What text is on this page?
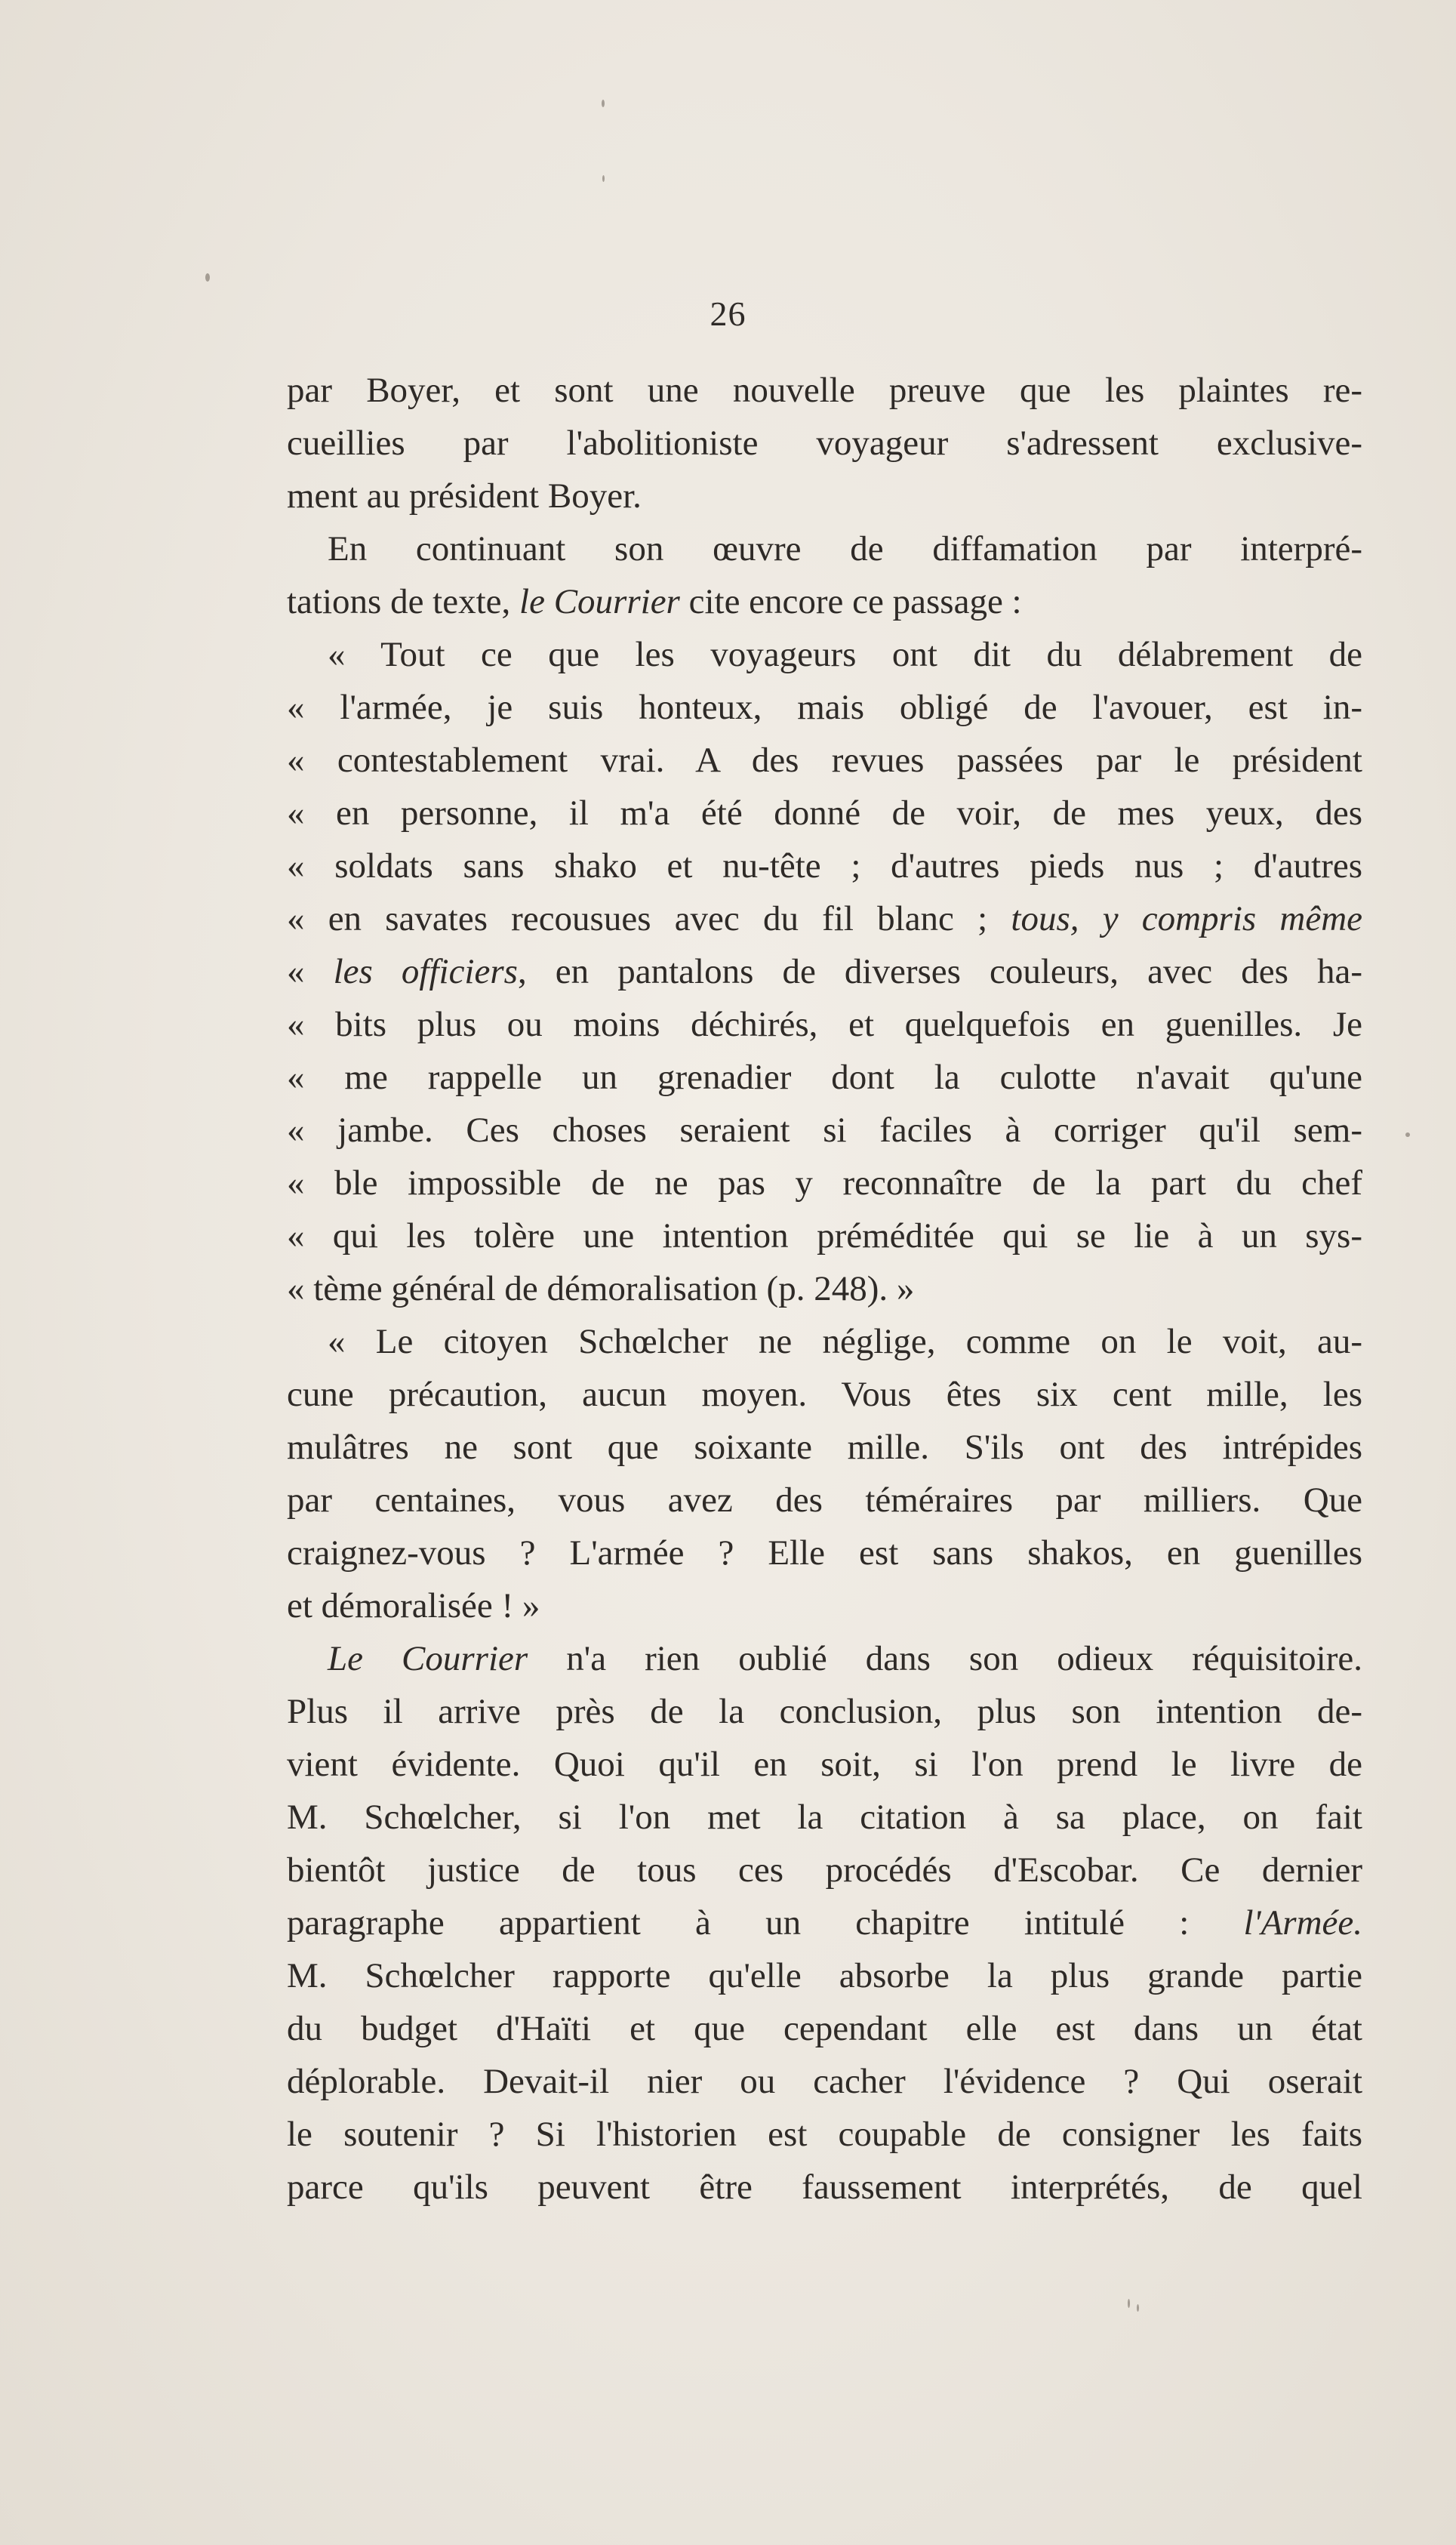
26
par Boyer, et sont une nouvelle preuve que les plaintes re-
cueillies par l'abolitioniste voyageur s'adressent exclusive-
ment au président Boyer.
En continuant son œuvre de diffamation par interpré-
tations de texte, le Courrier cite encore ce passage :
« Tout ce que les voyageurs ont dit du délabrement de
« l'armée, je suis honteux, mais obligé de l'avouer, est in-
« contestablement vrai. A des revues passées par le président
« en personne, il m'a été donné de voir, de mes yeux, des
« soldats sans shako et nu-tête ; d'autres pieds nus ; d'autres
« en savates recousues avec du fil blanc ; tous, y compris même
« les officiers, en pantalons de diverses couleurs, avec des ha-
« bits plus ou moins déchirés, et quelquefois en guenilles. Je
« me rappelle un grenadier dont la culotte n'avait qu'une
« jambe. Ces choses seraient si faciles à corriger qu'il sem-
« ble impossible de ne pas y reconnaître de la part du chef
« qui les tolère une intention préméditée qui se lie à un sys-
« tème général de démoralisation (p. 248). »
« Le citoyen Schœlcher ne néglige, comme on le voit, au-
cune précaution, aucun moyen. Vous êtes six cent mille, les
mulâtres ne sont que soixante mille. S'ils ont des intrépides
par centaines, vous avez des téméraires par milliers. Que
craignez-vous ? L'armée ? Elle est sans shakos, en guenilles
et démoralisée ! »
Le Courrier n'a rien oublié dans son odieux réquisitoire.
Plus il arrive près de la conclusion, plus son intention de-
vient évidente. Quoi qu'il en soit, si l'on prend le livre de
M. Schœlcher, si l'on met la citation à sa place, on fait
bientôt justice de tous ces procédés d'Escobar. Ce dernier
paragraphe appartient à un chapitre intitulé : l'Armée.
M. Schœlcher rapporte qu'elle absorbe la plus grande partie
du budget d'Haïti et que cependant elle est dans un état
déplorable. Devait-il nier ou cacher l'évidence ? Qui oserait
le soutenir ? Si l'historien est coupable de consigner les faits
parce qu'ils peuvent être faussement interprétés, de quel
